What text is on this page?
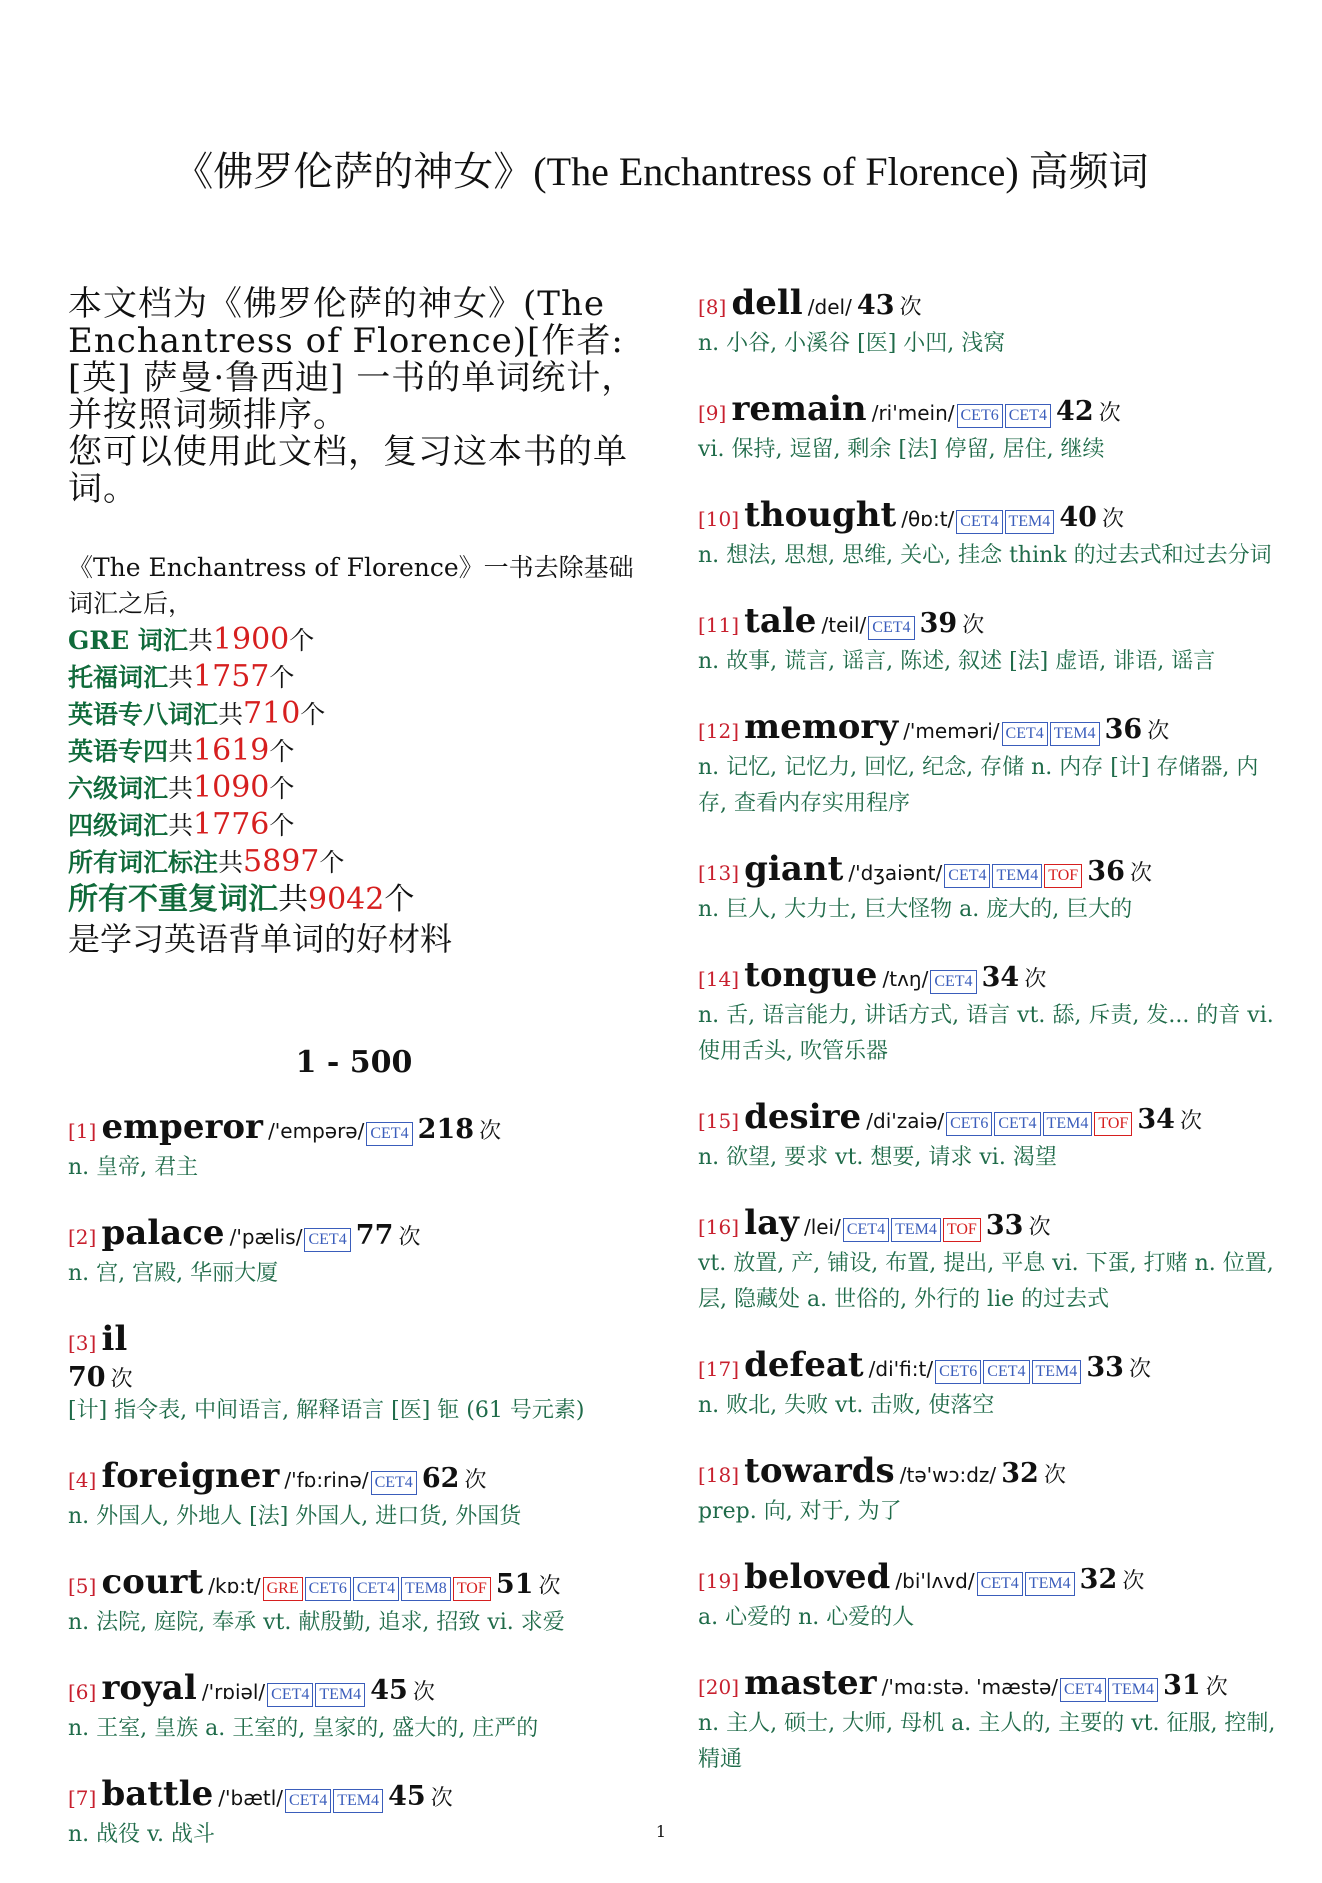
《佛罗伦萨的神女》(The Enchantress of Florence) 高频词

本文档为《佛罗伦萨的神女》(The Enchantress of Florence)[作者: [英] 萨曼·鲁西迪] 一书的单词统计，并按照词频排序。

您可以使用此文档，复习这本书的单词。

《The Enchantress of Florence》一书去除基础词汇之后，
GRE 词汇共1900个
托福词汇共1757个
英语专八词汇共710个
英语专四共1619个
六级词汇共1090个
四级词汇共1776个
所有词汇标注共5897个
所有不重复词汇共9042个
是学习英语背单词的好材料
1 - 500
[1] emperor /'empərə/ CET4 218 次
n. 皇帝, 君主
[2] palace /'pælis/ CET4 77 次
n. 宫, 宫殿, 华丽大厦
[3] il
70 次
[计] 指令表, 中间语言, 解释语言 [医] 钷 (61 号元素)
[4] foreigner /'fɒ:rinə/ CET4 62 次
n. 外国人, 外地人 [法] 外国人, 进口货, 外国货
[5] court /kɒ:t/ GRE CET6 CET4 TEM8 TOF 51 次
n. 法院, 庭院, 奉承 vt. 献殷勤, 追求, 招致 vi. 求爱
[6] royal /'rɒiəl/ CET4 TEM4 45 次
n. 王室, 皇族 a. 王室的, 皇家的, 盛大的, 庄严的
[7] battle /'bætl/ CET4 TEM4 45 次
n. 战役 v. 战斗
[8] dell /del/ 43 次
n. 小谷, 小溪谷 [医] 小凹, 浅窝
[9] remain /ri'mein/ CET6 CET4 42 次
vi. 保持, 逗留, 剩余 [法] 停留, 居住, 继续
[10] thought /θɒ:t/ CET4 TEM4 40 次
n. 想法, 思想, 思维, 关心, 挂念 think 的过去式和过去分词
[11] tale /teil/ CET4 39 次
n. 故事, 谎言, 谣言, 陈述, 叙述 [法] 虚语, 诽语, 谣言
[12] memory /'meməri/ CET4 TEM4 36 次
n. 记忆, 记忆力, 回忆, 纪念, 存储 n. 内存 [计] 存储器, 内存, 查看内存实用程序
[13] giant /'dʒaiənt/ CET4 TEM4 TOF 36 次
n. 巨人, 大力士, 巨大怪物 a. 庞大的, 巨大的
[14] tongue /tʌŋ/ CET4 34 次
n. 舌, 语言能力, 讲话方式, 语言 vt. 舔, 斥责, 发... 的音 vi. 使用舌头, 吹管乐器
[15] desire /di'zaiə/ CET6 CET4 TEM4 TOF 34 次
n. 欲望, 要求 vt. 想要, 请求 vi. 渴望
[16] lay /lei/ CET4 TEM4 TOF 33 次
vt. 放置, 产, 铺设, 布置, 提出, 平息 vi. 下蛋, 打赌 n. 位置, 层, 隐藏处 a. 世俗的, 外行的 lie 的过去式
[17] defeat /di'fi:t/ CET6 CET4 TEM4 33 次
n. 败北, 失败 vt. 击败, 使落空
[18] towards /tə'wɔ:dz/ 32 次
prep. 向, 对于, 为了
[19] beloved /bi'lʌvd/ CET4 TEM4 32 次
a. 心爱的 n. 心爱的人
[20] master /'mɑ:stə. 'mæstə/ CET4 TEM4 31 次
n. 主人, 硕士, 大师, 母机 a. 主人的, 主要的 vt. 征服, 控制, 精通
1
